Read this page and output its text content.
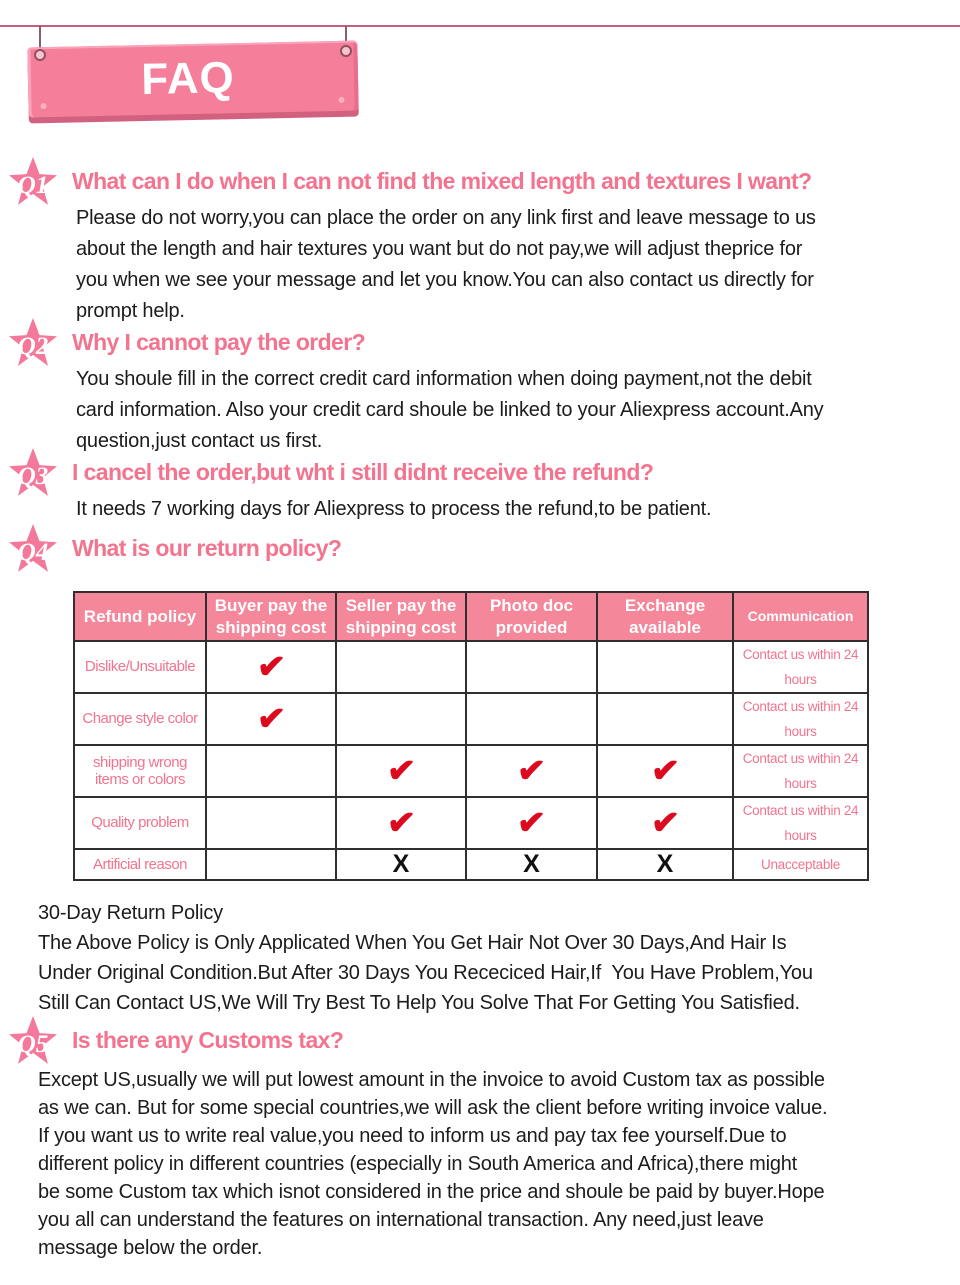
FAQ
Q1	What can I do when I can not find the mixed length and textures I want?
Please do not worry,you can place the order on any link first and leave message to us
about the length and hair textures you want but do not pay,we will adjust theprice for
you when we see your message and let you know.You can also contact us directly for
prompt help.
Q2	Why I cannot pay the order?
You shoule fill in the correct credit card information when doing payment,not the debit
card information. Also your credit card shoule be linked to your Aliexpress account.Any
question,just contact us first.
Q3	I cancel the order,but wht i still didnt receive the refund?
It needs 7 working days for Aliexpress to process the refund,to be patient.
Q4	What is our return policy?
Refund policy	Buyer pay the shipping cost	Seller pay the shipping cost	Photo doc provided	Exchange available	Communication
Dislike/Unsuitable	✔				Contact us within 24 hours
Change style color	✔				Contact us within 24 hours
shipping wrong items or colors		✔	✔	✔	Contact us within 24 hours
Quality problem		✔	✔	✔	Contact us within 24 hours
Artificial reason		X	X	X	Unacceptable
30-Day Return Policy
The Above Policy is Only Applicated When You Get Hair Not Over 30 Days,And Hair Is
Under Original Condition.But After 30 Days You Receciced Hair,If  You Have Problem,You
Still Can Contact US,We Will Try Best To Help You Solve That For Getting You Satisfied.
Q5	Is there any Customs tax?
Except US,usually we will put lowest amount in the invoice to avoid Custom tax as possible
as we can. But for some special countries,we will ask the client before writing invoice value.
If you want us to write real value,you need to inform us and pay tax fee yourself.Due to
different policy in different countries (especially in South America and Africa),there might
be some Custom tax which isnot considered in the price and shoule be paid by buyer.Hope
you all can understand the features on international transaction. Any need,just leave
message below the order.
